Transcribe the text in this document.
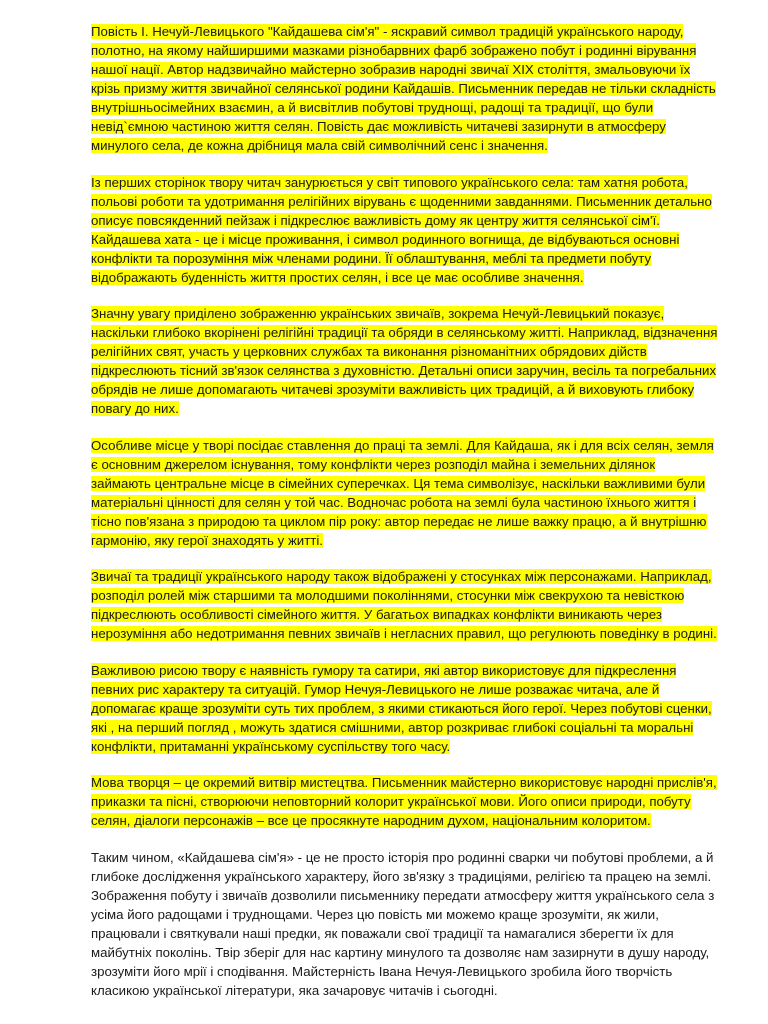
Повість І. Нечуй-Левицького "Кайдашева сім'я" - яскравий символ традицій українського народу, полотно, на якому найширшими мазками різнобарвних фарб зображено побут і родинні вірування нашої нації. Автор надзвичайно майстерно зобразив народні звичаї XIX століття, змальовуючи їх крізь призму життя звичайної селянської родини Кайдашів. Письменник передав не тільки складність внутрішньосімейних взаємин, а й висвітлив побутові труднощі, радощі та традиції, що були невід`ємною частиною життя селян. Повість дає можливість читачеві зазирнути в атмосферу минулого села, де кожна дрібниця мала свій символічний сенс і значення.

Із перших сторінок твору читач занурюється у світ типового українського села: там хатня робота, польові роботи та удотримання релігійних вірувань є щоденними завданнями. Письменник детально описує повсякденний пейзаж і підкреслює важливість дому як центру життя селянської сім'ї. Кайдашева хата - це і місце проживання, і символ родинного вогнища, де відбуваються основні конфлікти та порозуміння між членами родини. Її облаштування, меблі та предмети побуту відображають буденність життя простих селян, і все це має особливе значення.

Значну увагу приділено зображенню українських звичаїв, зокрема Нечуй-Левицький показує, наскільки глибоко вкорінені релігійні традиції та обряди в селянському житті. Наприклад, відзначення релігійних свят, участь у церковних службах та виконання різноманітних обрядових дійств підкреслюють тісний зв'язок селянства з духовністю. Детальні описи заручин, весіль та погребальних обрядів не лише допомагають читачеві зрозуміти важливість цих традицій, а й виховують глибоку повагу до них.

Особливе місце у творі посідає ставлення до праці та землі. Для Кайдаша, як і для всіх селян, земля є основним джерелом існування, тому конфлікти через розподіл майна і земельних ділянок займають центральне місце в сімейних суперечках. Ця тема символізує, наскільки важливими були матеріальні цінності для селян у той час. Водночас робота на землі була частиною їхнього життя і тісно пов'язана з природою та циклом пір року: автор передає не лише важку працю, а й внутрішню гармонію, яку герої знаходять у житті.

Звичаї та традиції українського народу також відображені у стосунках між персонажами. Наприклад, розподіл ролей між старшими та молодшими поколіннями, стосунки між свекрухою та невісткою підкреслюють особливості сімейного життя. У багатьох випадках конфлікти виникають через нерозуміння або недотримання певних звичаїв і негласних правил, що регулюють поведінку в родині.

Важливою рисою твору є наявність гумору та сатири, які автор використовує для підкреслення певних рис характеру та ситуацій. Гумор Нечуя-Левицького не лише розважає читача, але й допомагає краще зрозуміти суть тих проблем, з якими стикаються його герої. Через побутові сценки, які , на перший погляд , можуть здатися смішними, автор розкриває глибокі соціальні та моральні конфлікти, притаманні українському суспільству того часу.

Мова творця – це окремий витвір мистецтва. Письменник майстерно використовує народні прислів'я, приказки та пісні, створюючи неповторний колорит української мови. Його описи природи, побуту селян, діалоги персонажів – все це просякнуте народним духом, національним колоритом.

Таким чином, «Кайдашева сім'я» - це не просто історія про родинні сварки чи побутові проблеми, а й глибоке дослідження українського характеру, його зв'язку з традиціями, релігією та працею на землі. Зображення побуту і звичаїв дозволили письменнику передати атмосферу життя українського села з усіма його радощами і труднощами. Через цю повість ми можемо краще зрозуміти, як жили, працювали і святкували наші предки, як поважали свої традиції та намагалися зберегти їх для майбутніх поколінь. Твір зберіг для нас картину минулого та дозволяє нам зазирнути в душу народу, зрозуміти його мрії і сподівання. Майстерність Івана Нечуя-Левицького зробила його творчість класикою української літератури, яка зачаровує читачів і сьогодні.
